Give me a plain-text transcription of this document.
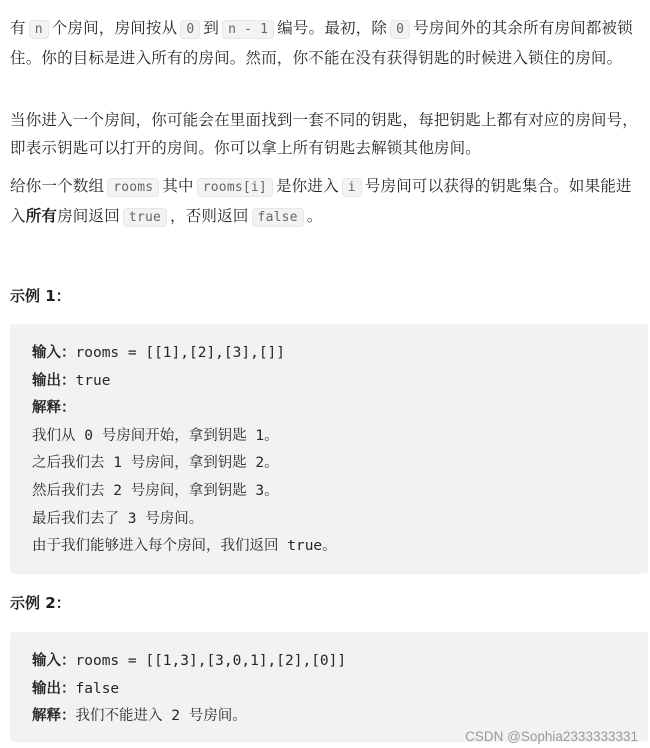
有 n 个房间，房间按从 0 到 n - 1 编号。最初，除 0 号房间外的其余所有房间都被锁住。你的目标是进入所有的房间。然而，你不能在没有获得钥匙的时候进入锁住的房间。

当你进入一个房间，你可能会在里面找到一套不同的钥匙，每把钥匙上都有对应的房间号，即表示钥匙可以打开的房间。你可以拿上所有钥匙去解锁其他房间。

给你一个数组 rooms 其中 rooms[i] 是你进入 i 号房间可以获得的钥匙集合。如果能进入所有房间返回 true ，否则返回 false 。

示例 1：
输入：rooms = [[1],[2],[3],[]]
输出：true
解释：
我们从 0 号房间开始，拿到钥匙 1。
之后我们去 1 号房间，拿到钥匙 2。
然后我们去 2 号房间，拿到钥匙 3。
最后我们去了 3 号房间。
由于我们能够进入每个房间，我们返回 true。
示例 2：
输入：rooms = [[1,3],[3,0,1],[2],[0]]
输出：false
解释：我们不能进入 2 号房间。
CSDN @Sophia2333333331
